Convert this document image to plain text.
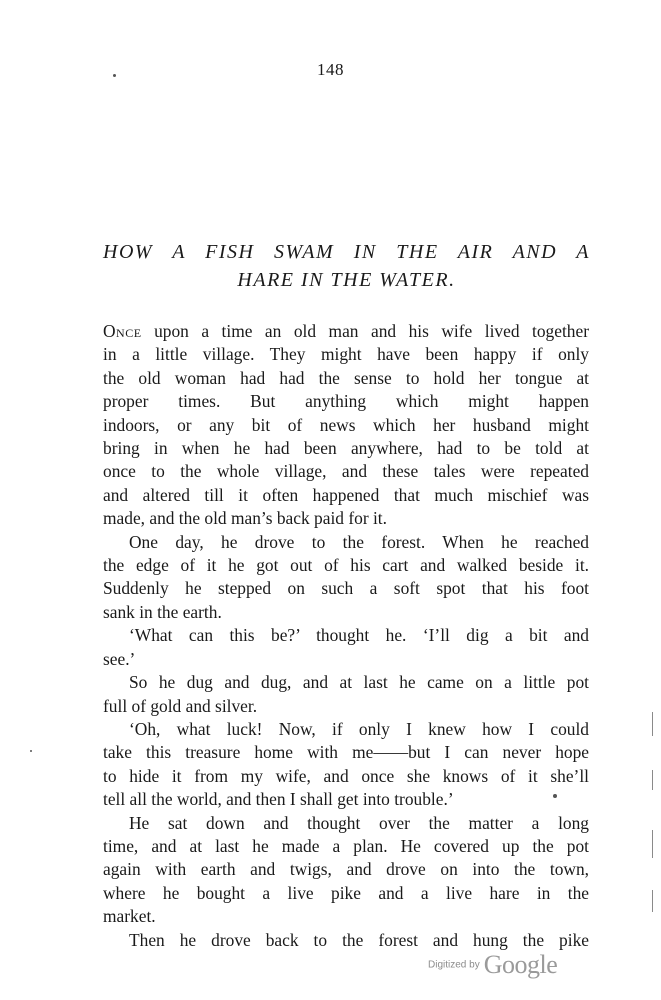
148
HOW A FISH SWAM IN THE AIR AND A
HARE IN THE WATER.
Once upon a time an old man and his wife lived together
in a little village. They might have been happy if only
the old woman had had the sense to hold her tongue at
proper times. But anything which might happen
indoors, or any bit of news which her husband might
bring in when he had been anywhere, had to be told at
once to the whole village, and these tales were repeated
and altered till it often happened that much mischief was
made, and the old man’s back paid for it.
One day, he drove to the forest. When he reached
the edge of it he got out of his cart and walked beside it.
Suddenly he stepped on such a soft spot that his foot
sank in the earth.
‘What can this be?’ thought he. ‘I’ll dig a bit and
see.’
So he dug and dug, and at last he came on a little pot
full of gold and silver.
‘Oh, what luck! Now, if only I knew how I could
take this treasure home with me——but I can never hope
to hide it from my wife, and once she knows of it she’ll
tell all the world, and then I shall get into trouble.’
He sat down and thought over the matter a long
time, and at last he made a plan. He covered up the pot
again with earth and twigs, and drove on into the town,
where he bought a live pike and a live hare in the
market.
Then he drove back to the forest and hung the pike
Digitized by Google
